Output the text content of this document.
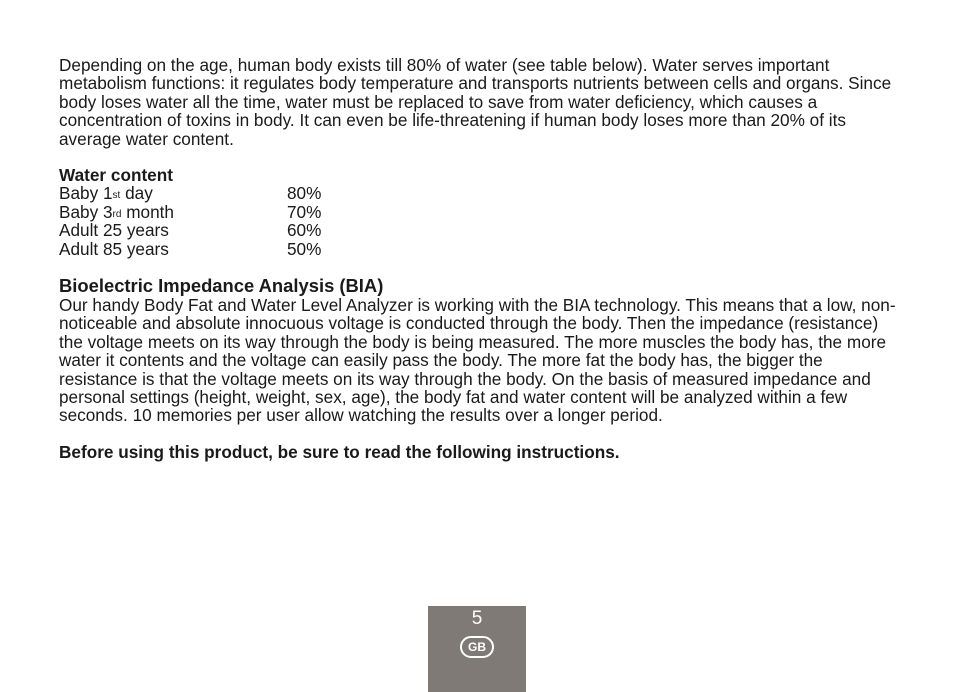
Depending on the age, human body exists till 80% of water (see table below). Water serves important metabolism functions: it regulates body temperature and transports nutrients between cells and organs. Since body loses water all the time, water must be replaced to save from water deficiency, which causes a concentration of toxins in body. It can even be life-threatening if human body loses more than 20% of its average water content.

Water content
Baby 1st day	80%
Baby 3rd month	70%
Adult 25 years	60%
Adult 85 years	50%
Bioelectric Impedance Analysis (BIA)

Our handy Body Fat and Water Level Analyzer is working with the BIA technology. This means that a low, non-noticeable and absolute innocuous voltage is conducted through the body. Then the impedance (resistance) the voltage meets on its way through the body is being measured. The more muscles the body has, the more water it contents and the voltage can easily pass the body. The more fat the body has, the bigger the resistance is that the voltage meets on its way through the body. On the basis of measured impedance and personal settings (height, weight, sex, age), the body fat and water content will be analyzed within a few seconds. 10 memories per user allow watching the results over a longer period.

Before using this product, be sure to read the following instructions.

5
GB
